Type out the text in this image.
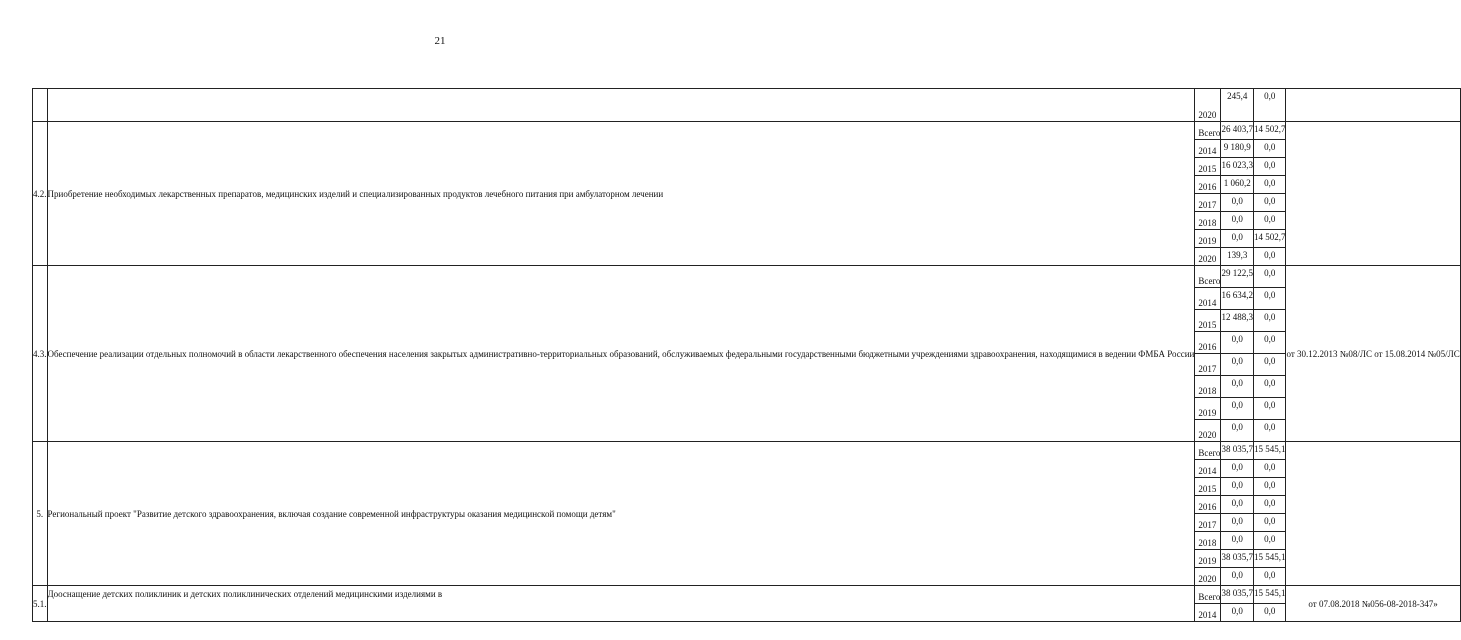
21
		2020	245,4	0,0	
4.2.	Приобретение необходимых лекарственных препаратов, медицинских изделий и специализированных продуктов лечебного питания при амбулаторном лечении	Всего	26 403,7	14 502,7	
		2014	9 180,9	0,0	
		2015	16 023,3	0,0	
		2016	1 060,2	0,0	
		2017	0,0	0,0	
		2018	0,0	0,0	
		2019	0,0	14 502,7	
		2020	139,3	0,0	
4.3.	Обеспечение реализации отдельных полномочий в области лекарственного обеспечения населения закрытых административно-территориальных образований, обслуживаемых федеральными государственными бюджетными учреждениями здравоохранения, находящимися в ведении ФМБА России	Всего	29 122,5	0,0	от 30.12.2013 №08/ЛС от 15.08.2014 №05/ЛС
		2014	16 634,2	0,0	
		2015	12 488,3	0,0	
		2016	0,0	0,0	
		2017	0,0	0,0	
		2018	0,0	0,0	
		2019	0,0	0,0	
		2020	0,0	0,0	
5.	Региональный проект "Развитие детского здравоохранения, включая создание современной инфраструктуры оказания медицинской помощи детям"	Всего	38 035,7	15 545,1	
		2014	0,0	0,0	
		2015	0,0	0,0	
		2016	0,0	0,0	
		2017	0,0	0,0	
		2018	0,0	0,0	
		2019	38 035,7	15 545,1	
		2020	0,0	0,0	
5.1.	Дооснащение детских поликлиник и детских поликлинических отделений медицинскими изделиями в	Всего	38 035,7	15 545,1	от 07.08.2018 №056-08-2018-347»
		2014	0,0	0,0	
